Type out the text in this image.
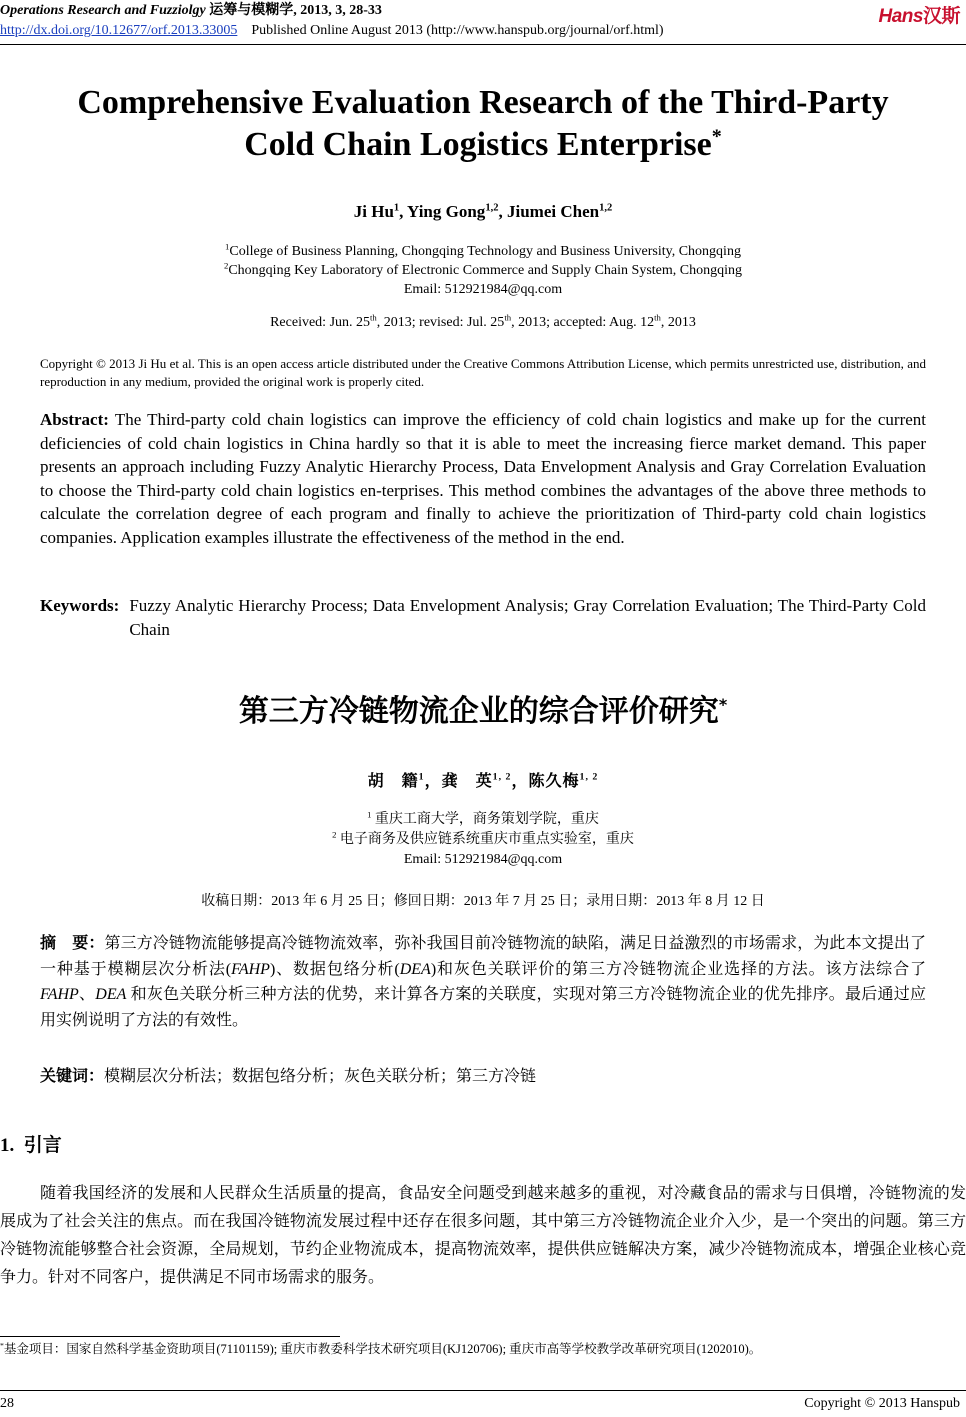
Operations Research and Fuzziolgy 运筹与模糊学, 2013, 3, 28-33	Hans汉斯
http://dx.doi.org/10.12677/orf.2013.33005 Published Online August 2013 (http://www.hanspub.org/journal/orf.html)
Comprehensive Evaluation Research of the Third-Party
Cold Chain Logistics Enterprise*
Ji Hu$^1$, Ying Gong$^{1,2}$, Jiumei Chen$^{1,2}$
$^1$College of Business Planning, Chongqing Technology and Business University, Chongqing
$^2$Chongqing Key Laboratory of Electronic Commerce and Supply Chain System, Chongqing
Email: 512921984@qq.com
Received: Jun. 25th, 2013; revised: Jul. 25th, 2013; accepted: Aug. 12th, 2013
Copyright © 2013 Ji Hu et al. This is an open access article distributed under the Creative Commons Attribution License, which permits unrestricted use, distribution, and reproduction in any medium, provided the original work is properly cited.
Abstract: The Third-party cold chain logistics can improve the efficiency of cold chain logistics and make up for the current deficiencies of cold chain logistics in China hardly so that it is able to meet the increasing fierce market demand. This paper presents an approach including Fuzzy Analytic Hierarchy Process, Data Envelopment Analysis and Gray Correlation Evaluation to choose the Third-party cold chain logistics en-terprises. This method combines the advantages of the above three methods to calculate the correlation degree of each program and finally to achieve the prioritization of Third-party cold chain logistics companies. Application examples illustrate the effectiveness of the method in the end.
Keywords: Fuzzy Analytic Hierarchy Process; Data Envelopment Analysis; Gray Correlation Evaluation; The Third-Party Cold Chain
第三方冷链物流企业的综合评价研究*
胡　籍$^1$，龚　英$^{1, 2}$，陈久梅$^{1, 2}$
$^1$ 重庆工商大学，商务策划学院，重庆
$^2$ 电子商务及供应链系统重庆市重点实验室，重庆
Email: 512921984@qq.com
收稿日期：2013 年 6 月 25 日；修回日期：2013 年 7 月 25 日；录用日期：2013 年 8 月 12 日
摘　要：第三方冷链物流能够提高冷链物流效率，弥补我国目前冷链物流的缺陷，满足日益激烈的市场需求，为此本文提出了一种基于模糊层次分析法(FAHP)、数据包络分析(DEA)和灰色关联评价的第三方冷链物流企业选择的方法。该方法综合了 FAHP、DEA 和灰色关联分析三种方法的优势，来计算各方案的关联度，实现对第三方冷链物流企业的优先排序。最后通过应用实例说明了方法的有效性。
关键词：模糊层次分析法；数据包络分析；灰色关联分析；第三方冷链
1. 引言
随着我国经济的发展和人民群众生活质量的提高，食品安全问题受到越来越多的重视，对冷藏食品的需求与日俱增，冷链物流的发展成为了社会关注的焦点。而在我国冷链物流发展过程中还存在很多问题，其中第三方冷链物流企业介入少，是一个突出的问题。第三方冷链物流能够整合社会资源，全局规划，节约企业物流成本，提高物流效率，提供供应链解决方案，减少冷链物流成本，增强企业核心竞争力。针对不同客户，提供满足不同市场需求的服务。
*基金项目：国家自然科学基金资助项目(71101159); 重庆市教委科学技术研究项目(KJ120706); 重庆市高等学校教学改革研究项目(1202010)。
28	Copyright © 2013 Hanspub
